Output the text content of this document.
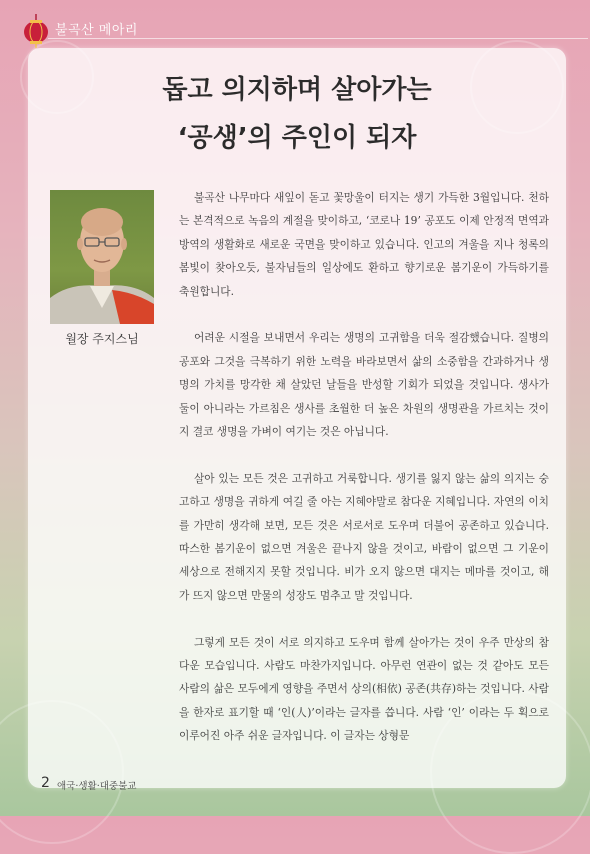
불곡산 메아리
돕고 의지하며 살아가는
‘공생’의 주인이 되자
월장 주지스님

불곡산 나무마다 새잎이 돋고 꽃망울이 터지는 생기 가득한 3월입니다. 천하는 본격적으로 녹음의 계절을 맞이하고, ‘코로나 19’ 공포도 이제 안정적 면역과 방역의 생활화로 새로운 국면을 맞이하고 있습니다. 인고의 겨울을 지나 청록의 봄빛이 찾아오듯, 불자님들의 일상에도 환하고 향기로운 봄기운이 가득하기를 축원합니다.

어려운 시절을 보내면서 우리는 생명의 고귀함을 더욱 절감했습니다. 질병의 공포와 그것을 극복하기 위한 노력을 바라보면서 삶의 소중함을 간과하거나 생명의 가치를 망각한 채 살았던 날들을 반성할 기회가 되었을 것입니다. 생사가 둘이 아니라는 가르침은 생사를 초월한 더 높은 차원의 생명관을 가르치는 것이지 결코 생명을 가벼이 여기는 것은 아닙니다.

살아 있는 모든 것은 고귀하고 거룩합니다. 생기를 잃지 않는 삶의 의지는 숭고하고 생명을 귀하게 여길 줄 아는 지혜야말로 참다운 지혜입니다. 자연의 이치를 가만히 생각해 보면, 모든 것은 서로서로 도우며 더불어 공존하고 있습니다. 따스한 봄기운이 없으면 겨울은 끝나지 않을 것이고, 바람이 없으면 그 기운이 세상으로 전해지지 못할 것입니다. 비가 오지 않으면 대지는 메마를 것이고, 해가 뜨지 않으면 만물의 성장도 멈추고 말 것입니다.

그렇게 모든 것이 서로 의지하고 도우며 함께 살아가는 것이 우주 만상의 참다운 모습입니다. 사람도 마찬가지입니다. 아무런 연관이 없는 것 같아도 모든 사람의 삶은 모두에게 영향을 주면서 상의(相依) 공존(共存)하는 것입니다. 사람을 한자로 표기할 때 ‘인(人)’이라는 글자를 씁니다. 사람 ‘인’ 이라는 두 획으로 이루어진 아주 쉬운 글자입니다. 이 글자는 상형문

2 애국·생활·대중불교
